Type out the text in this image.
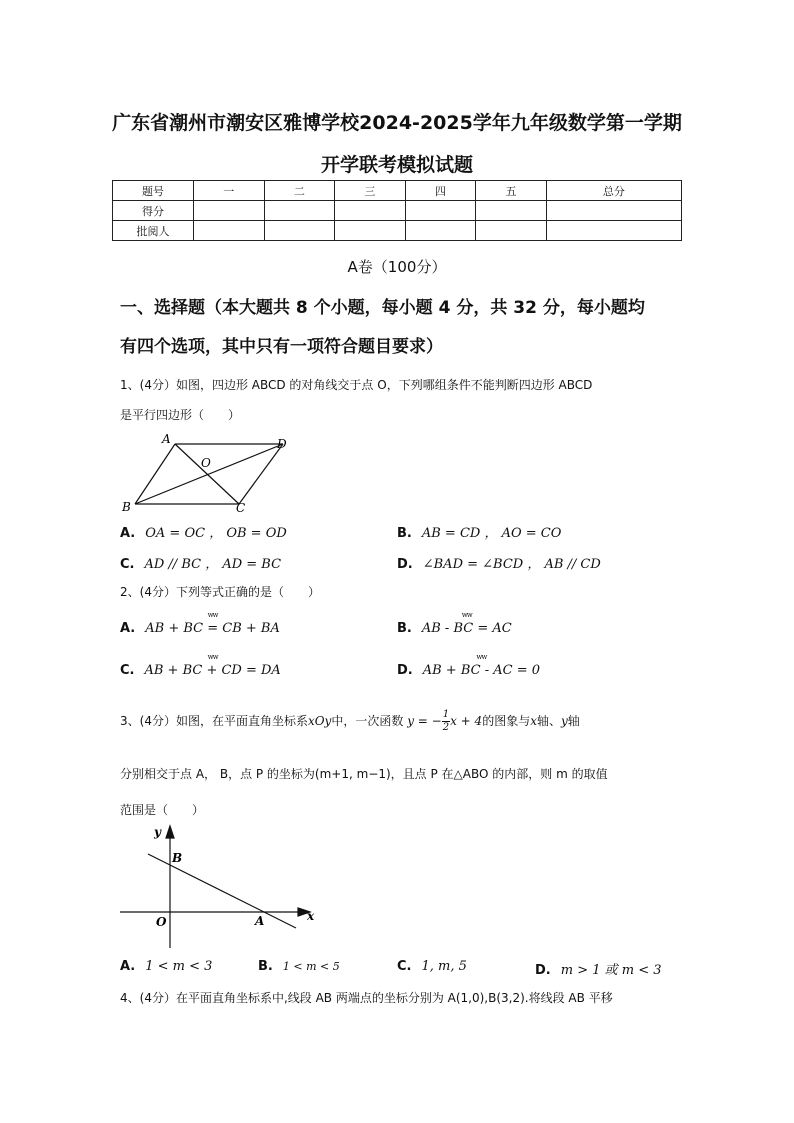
广东省潮州市潮安区雅博学校2024-2025学年九年级数学第一学期
开学联考模拟试题
题号	一	二	三	四	五	总分
得分						
批阅人						
A卷（100分）
一、选择题（本大题共 8 个小题，每小题 4 分，共 32 分，每小题均
有四个选项，其中只有一项符合题目要求）
1、(4分）如图，四边形 ABCD 的对角线交于点 O，下列哪组条件不能判断四边形 ABCD
是平行四边形（　　）
A	D
O
B	C
A. OA = OC ， OB = OD	B. AB = CD ， AO = CO
C. AD // BC ， AD = BC	D. ∠BAD = ∠BCD ， AB // CD
2、(4分）下列等式正确的是（　　）
A. ww AB + BC = CB + BA	B. ww AB - BC = AC
C. ww AB + BC + CD = DA	D. ww AB + BC - AC = 0
3、(4分）如图，在平面直角坐标系xOy中，一次函数 y = − $\frac{1}{2}$ x + 4的图象与x轴、y轴
分别相交于点 A， B，点 P 的坐标为(m+1, m−1)，且点 P 在△ABO 的内部，则 m 的取值
范围是（　　）
y
B
O	A	x
A. 1 < m < 3	B. 1 < m < 5	C. 1, m, 5	D. m > 1 或 m < 3
4、(4分）在平面直角坐标系中,线段 AB 两端点的坐标分别为 A(1,0),B(3,2).将线段 AB 平移
